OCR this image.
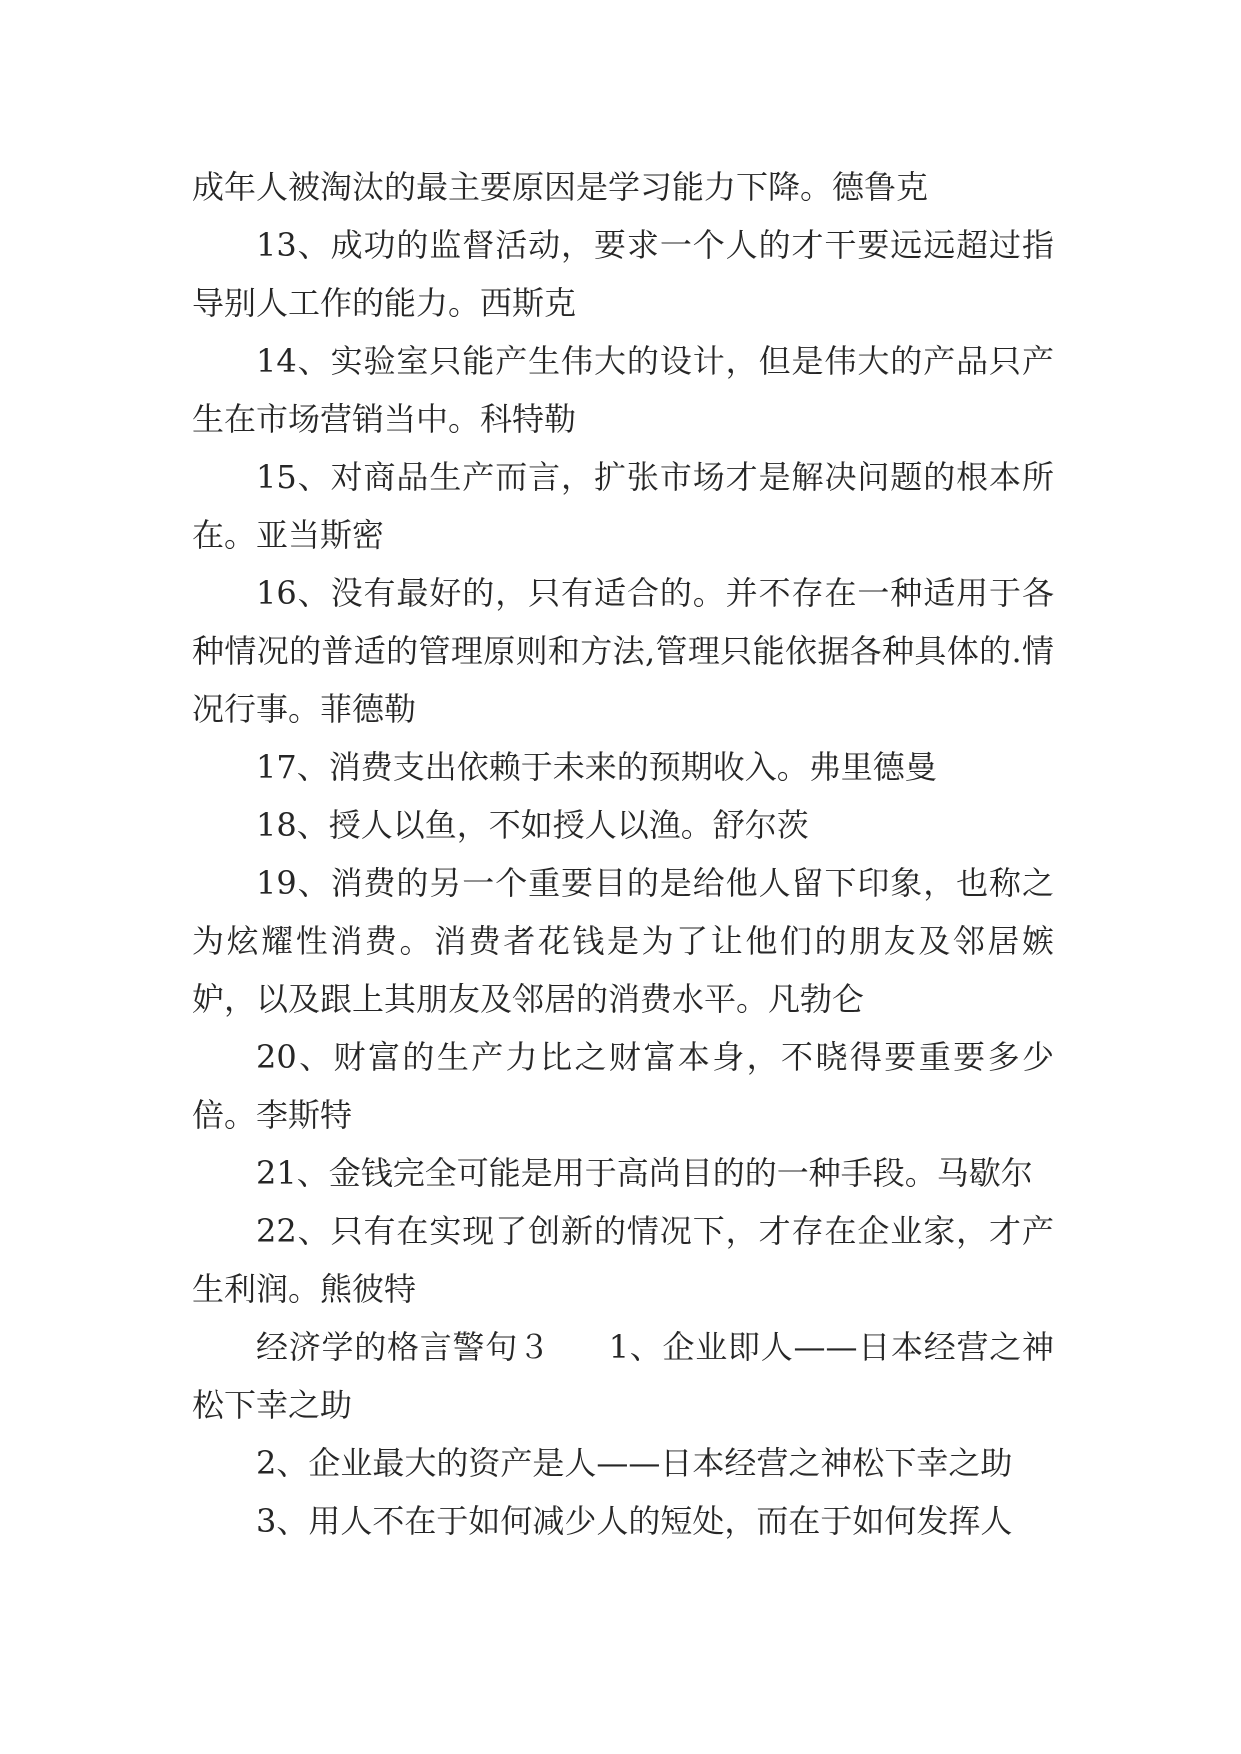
成年人被淘汰的最主要原因是学习能力下降。德鲁克

13、成功的监督活动，要求一个人的才干要远远超过指导别人工作的能力。西斯克

14、实验室只能产生伟大的设计，但是伟大的产品只产生在市场营销当中。科特勒

15、对商品生产而言，扩张市场才是解决问题的根本所在。亚当斯密

16、没有最好的，只有适合的。并不存在一种适用于各种情况的普适的管理原则和方法,管理只能依据各种具体的.情况行事。菲德勒

17、消费支出依赖于未来的预期收入。弗里德曼

18、授人以鱼，不如授人以渔。舒尔茨

19、消费的另一个重要目的是给他人留下印象，也称之为炫耀性消费。消费者花钱是为了让他们的朋友及邻居嫉妒，以及跟上其朋友及邻居的消费水平。凡勃仑

20、财富的生产力比之财富本身，不晓得要重要多少倍。李斯特

21、金钱完全可能是用于高尚目的的一种手段。马歇尔

22、只有在实现了创新的情况下，才存在企业家，才产生利润。熊彼特

经济学的格言警句３ 1、企业即人——日本经营之神松下幸之助

2、企业最大的资产是人——日本经营之神松下幸之助

3、用人不在于如何减少人的短处，而在于如何发挥人
